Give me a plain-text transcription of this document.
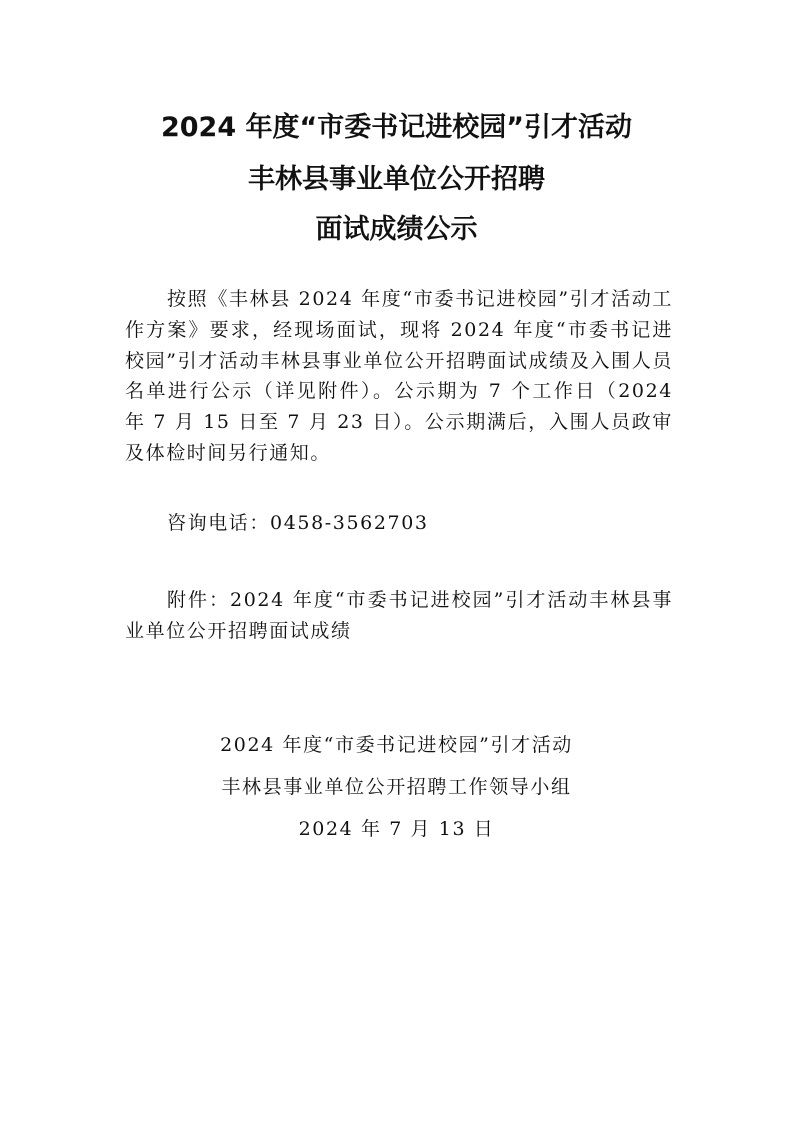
2024 年度“市委书记进校园”引才活动
丰林县事业单位公开招聘
面试成绩公示
按照《丰林县 2024 年度“市委书记进校园”引才活动工作方案》要求，经现场面试，现将 2024 年度“市委书记进校园”引才活动丰林县事业单位公开招聘面试成绩及入围人员名单进行公示（详见附件）。公示期为 7 个工作日（2024 年 7 月 15 日至 7 月 23 日）。公示期满后，入围人员政审及体检时间另行通知。
咨询电话：0458-3562703
附件：2024 年度“市委书记进校园”引才活动丰林县事业单位公开招聘面试成绩
2024 年度“市委书记进校园”引才活动
丰林县事业单位公开招聘工作领导小组
2024 年 7 月 13 日
